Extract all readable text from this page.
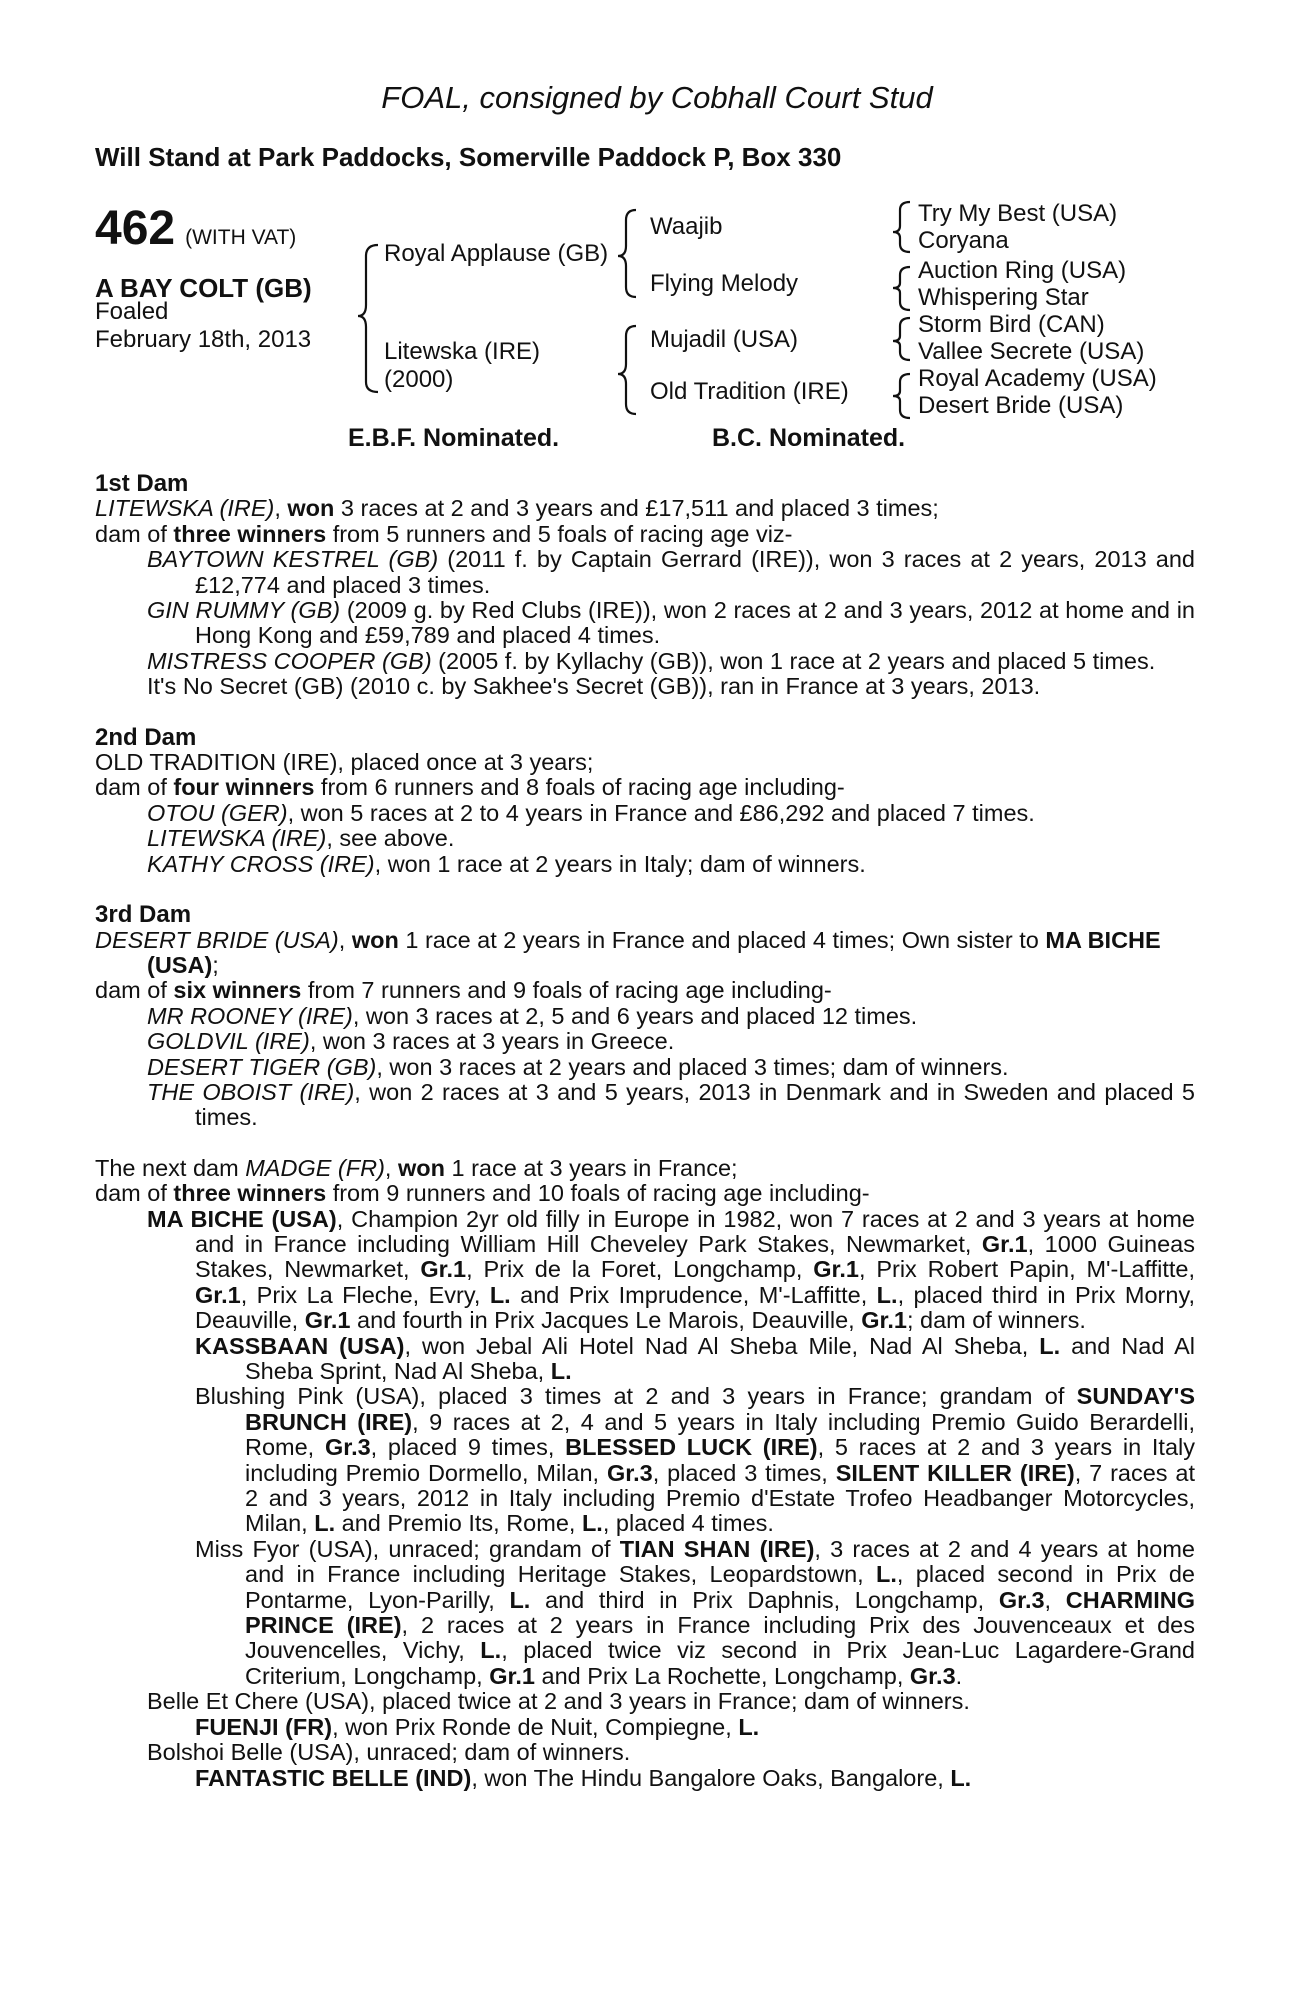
FOAL, consigned by Cobhall Court Stud
Will Stand at Park Paddocks, Somerville Paddock P, Box 330
462 (WITH VAT)
A BAY COLT (GB)
Foaled
February 18th, 2013
Royal Applause (GB)
Litewska (IRE)
(2000)
Waajib
Flying Melody
Mujadil (USA)
Old Tradition (IRE)
Try My Best (USA)
Coryana
Auction Ring (USA)
Whispering Star
Storm Bird (CAN)
Vallee Secrete (USA)
Royal Academy (USA)
Desert Bride (USA)
E.B.F. Nominated.	B.C. Nominated.

1st Dam

LITEWSKA (IRE), won 3 races at 2 and 3 years and £17,511 and placed 3 times;

dam of three winners from 5 runners and 5 foals of racing age viz-

BAYTOWN KESTREL (GB) (2011 f. by Captain Gerrard (IRE)), won 3 races at 2 years, 2013 and £12,774 and placed 3 times.

GIN RUMMY (GB) (2009 g. by Red Clubs (IRE)), won 2 races at 2 and 3 years, 2012 at home and in Hong Kong and £59,789 and placed 4 times.

MISTRESS COOPER (GB) (2005 f. by Kyllachy (GB)), won 1 race at 2 years and placed 5 times.

It's No Secret (GB) (2010 c. by Sakhee's Secret (GB)), ran in France at 3 years, 2013.

2nd Dam

OLD TRADITION (IRE), placed once at 3 years;

dam of four winners from 6 runners and 8 foals of racing age including-

OTOU (GER), won 5 races at 2 to 4 years in France and £86,292 and placed 7 times.

LITEWSKA (IRE), see above.

KATHY CROSS (IRE), won 1 race at 2 years in Italy; dam of winners.

3rd Dam

DESERT BRIDE (USA), won 1 race at 2 years in France and placed 4 times; Own sister to MA BICHE (USA);

dam of six winners from 7 runners and 9 foals of racing age including-

MR ROONEY (IRE), won 3 races at 2, 5 and 6 years and placed 12 times.

GOLDVIL (IRE), won 3 races at 3 years in Greece.

DESERT TIGER (GB), won 3 races at 2 years and placed 3 times; dam of winners.

THE OBOIST (IRE), won 2 races at 3 and 5 years, 2013 in Denmark and in Sweden and placed 5 times.

The next dam MADGE (FR), won 1 race at 3 years in France;

dam of three winners from 9 runners and 10 foals of racing age including-

MA BICHE (USA), Champion 2yr old filly in Europe in 1982, won 7 races at 2 and 3 years at home and in France including William Hill Cheveley Park Stakes, Newmarket, Gr.1, 1000 Guineas Stakes, Newmarket, Gr.1, Prix de la Foret, Longchamp, Gr.1, Prix Robert Papin, M'-Laffitte, Gr.1, Prix La Fleche, Evry, L. and Prix Imprudence, M'-Laffitte, L., placed third in Prix Morny, Deauville, Gr.1 and fourth in Prix Jacques Le Marois, Deauville, Gr.1; dam of winners.

KASSBAAN (USA), won Jebal Ali Hotel Nad Al Sheba Mile, Nad Al Sheba, L. and Nad Al Sheba Sprint, Nad Al Sheba, L.

Blushing Pink (USA), placed 3 times at 2 and 3 years in France; grandam of SUNDAY'S BRUNCH (IRE), 9 races at 2, 4 and 5 years in Italy including Premio Guido Berardelli, Rome, Gr.3, placed 9 times, BLESSED LUCK (IRE), 5 races at 2 and 3 years in Italy including Premio Dormello, Milan, Gr.3, placed 3 times, SILENT KILLER (IRE), 7 races at 2 and 3 years, 2012 in Italy including Premio d'Estate Trofeo Headbanger Motorcycles, Milan, L. and Premio Its, Rome, L., placed 4 times.

Miss Fyor (USA), unraced; grandam of TIAN SHAN (IRE), 3 races at 2 and 4 years at home and in France including Heritage Stakes, Leopardstown, L., placed second in Prix de Pontarme, Lyon-Parilly, L. and third in Prix Daphnis, Longchamp, Gr.3, CHARMING PRINCE (IRE), 2 races at 2 years in France including Prix des Jouvenceaux et des Jouvencelles, Vichy, L., placed twice viz second in Prix Jean-Luc Lagardere-Grand Criterium, Longchamp, Gr.1 and Prix La Rochette, Longchamp, Gr.3.

Belle Et Chere (USA), placed twice at 2 and 3 years in France; dam of winners.

FUENJI (FR), won Prix Ronde de Nuit, Compiegne, L.

Bolshoi Belle (USA), unraced; dam of winners.

FANTASTIC BELLE (IND), won The Hindu Bangalore Oaks, Bangalore, L.
